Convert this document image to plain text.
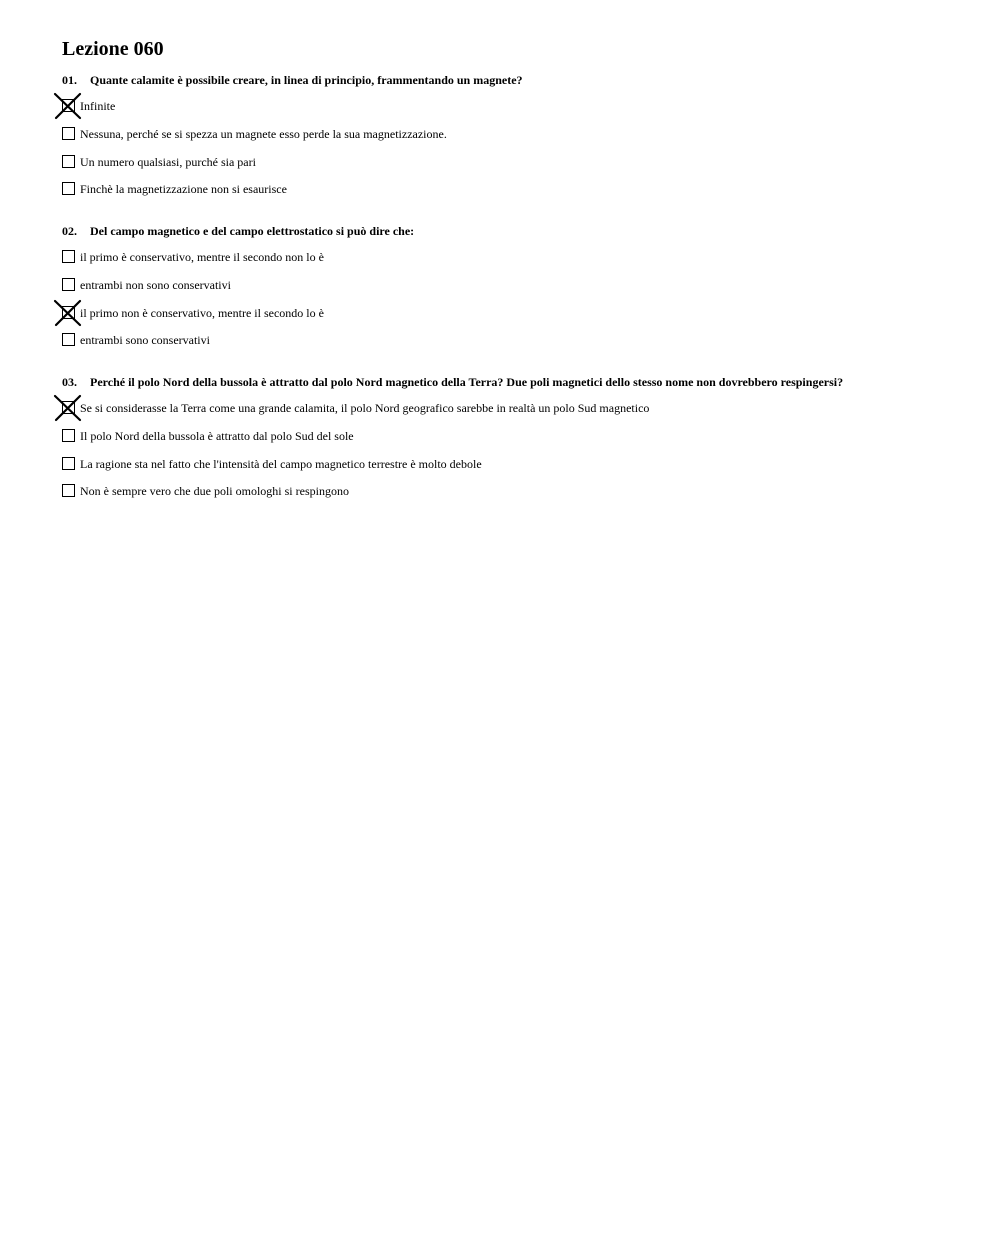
Lezione 060
01. Quante calamite è possibile creare, in linea di principio, frammentando un magnete?
Infinite
Nessuna, perché se si spezza un magnete esso perde la sua magnetizzazione.
Un numero qualsiasi, purché sia pari
Finchè la magnetizzazione non si esaurisce
02. Del campo magnetico e del campo elettrostatico si può dire che:
il primo è conservativo, mentre il secondo non lo è
entrambi non sono conservativi
il primo non è conservativo, mentre il secondo lo è
entrambi sono conservativi
03. Perché il polo Nord della bussola è attratto dal polo Nord magnetico della Terra? Due poli magnetici dello stesso nome non dovrebbero respingersi?
Se si considerasse la Terra come una grande calamita, il polo Nord geografico sarebbe in realtà un polo Sud magnetico
Il polo Nord della bussola è attratto dal polo Sud del sole
La ragione sta nel fatto che l'intensità del campo magnetico terrestre è molto debole
Non è sempre vero che due poli omologhi si respingono
